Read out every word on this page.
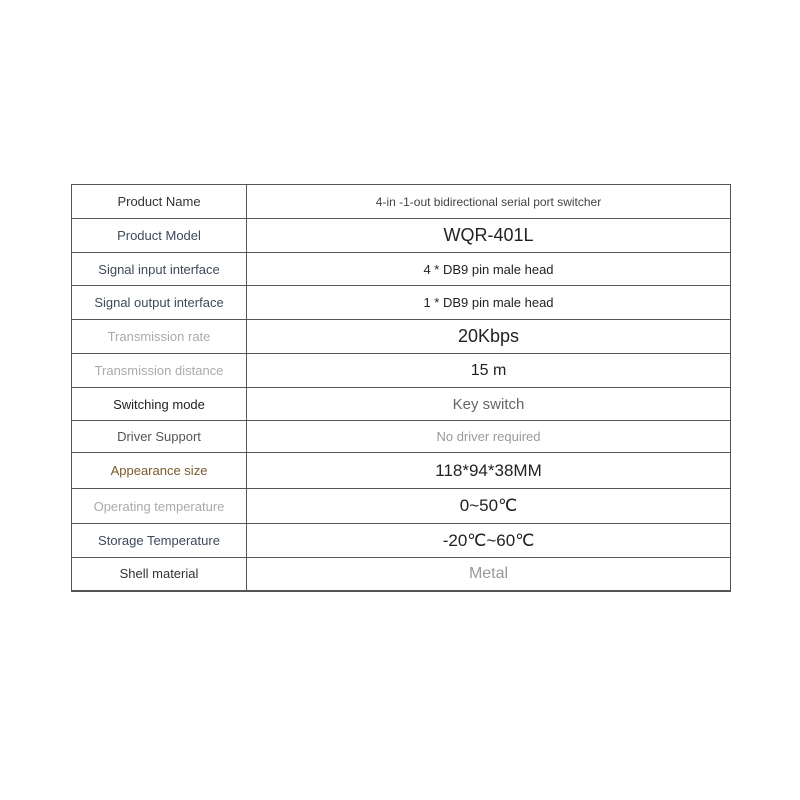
Product Name	4-in -1-out bidirectional serial port switcher
Product Model	WQR-401L
Signal input interface	4 * DB9 pin male head
Signal output interface	1 * DB9 pin male head
Transmission rate	20Kbps
Transmission distance	15 m
Switching mode	Key switch
Driver Support	No driver required
Appearance size	118*94*38MM
Operating temperature	0~50℃
Storage Temperature	-20℃~60℃
Shell material	Metal
